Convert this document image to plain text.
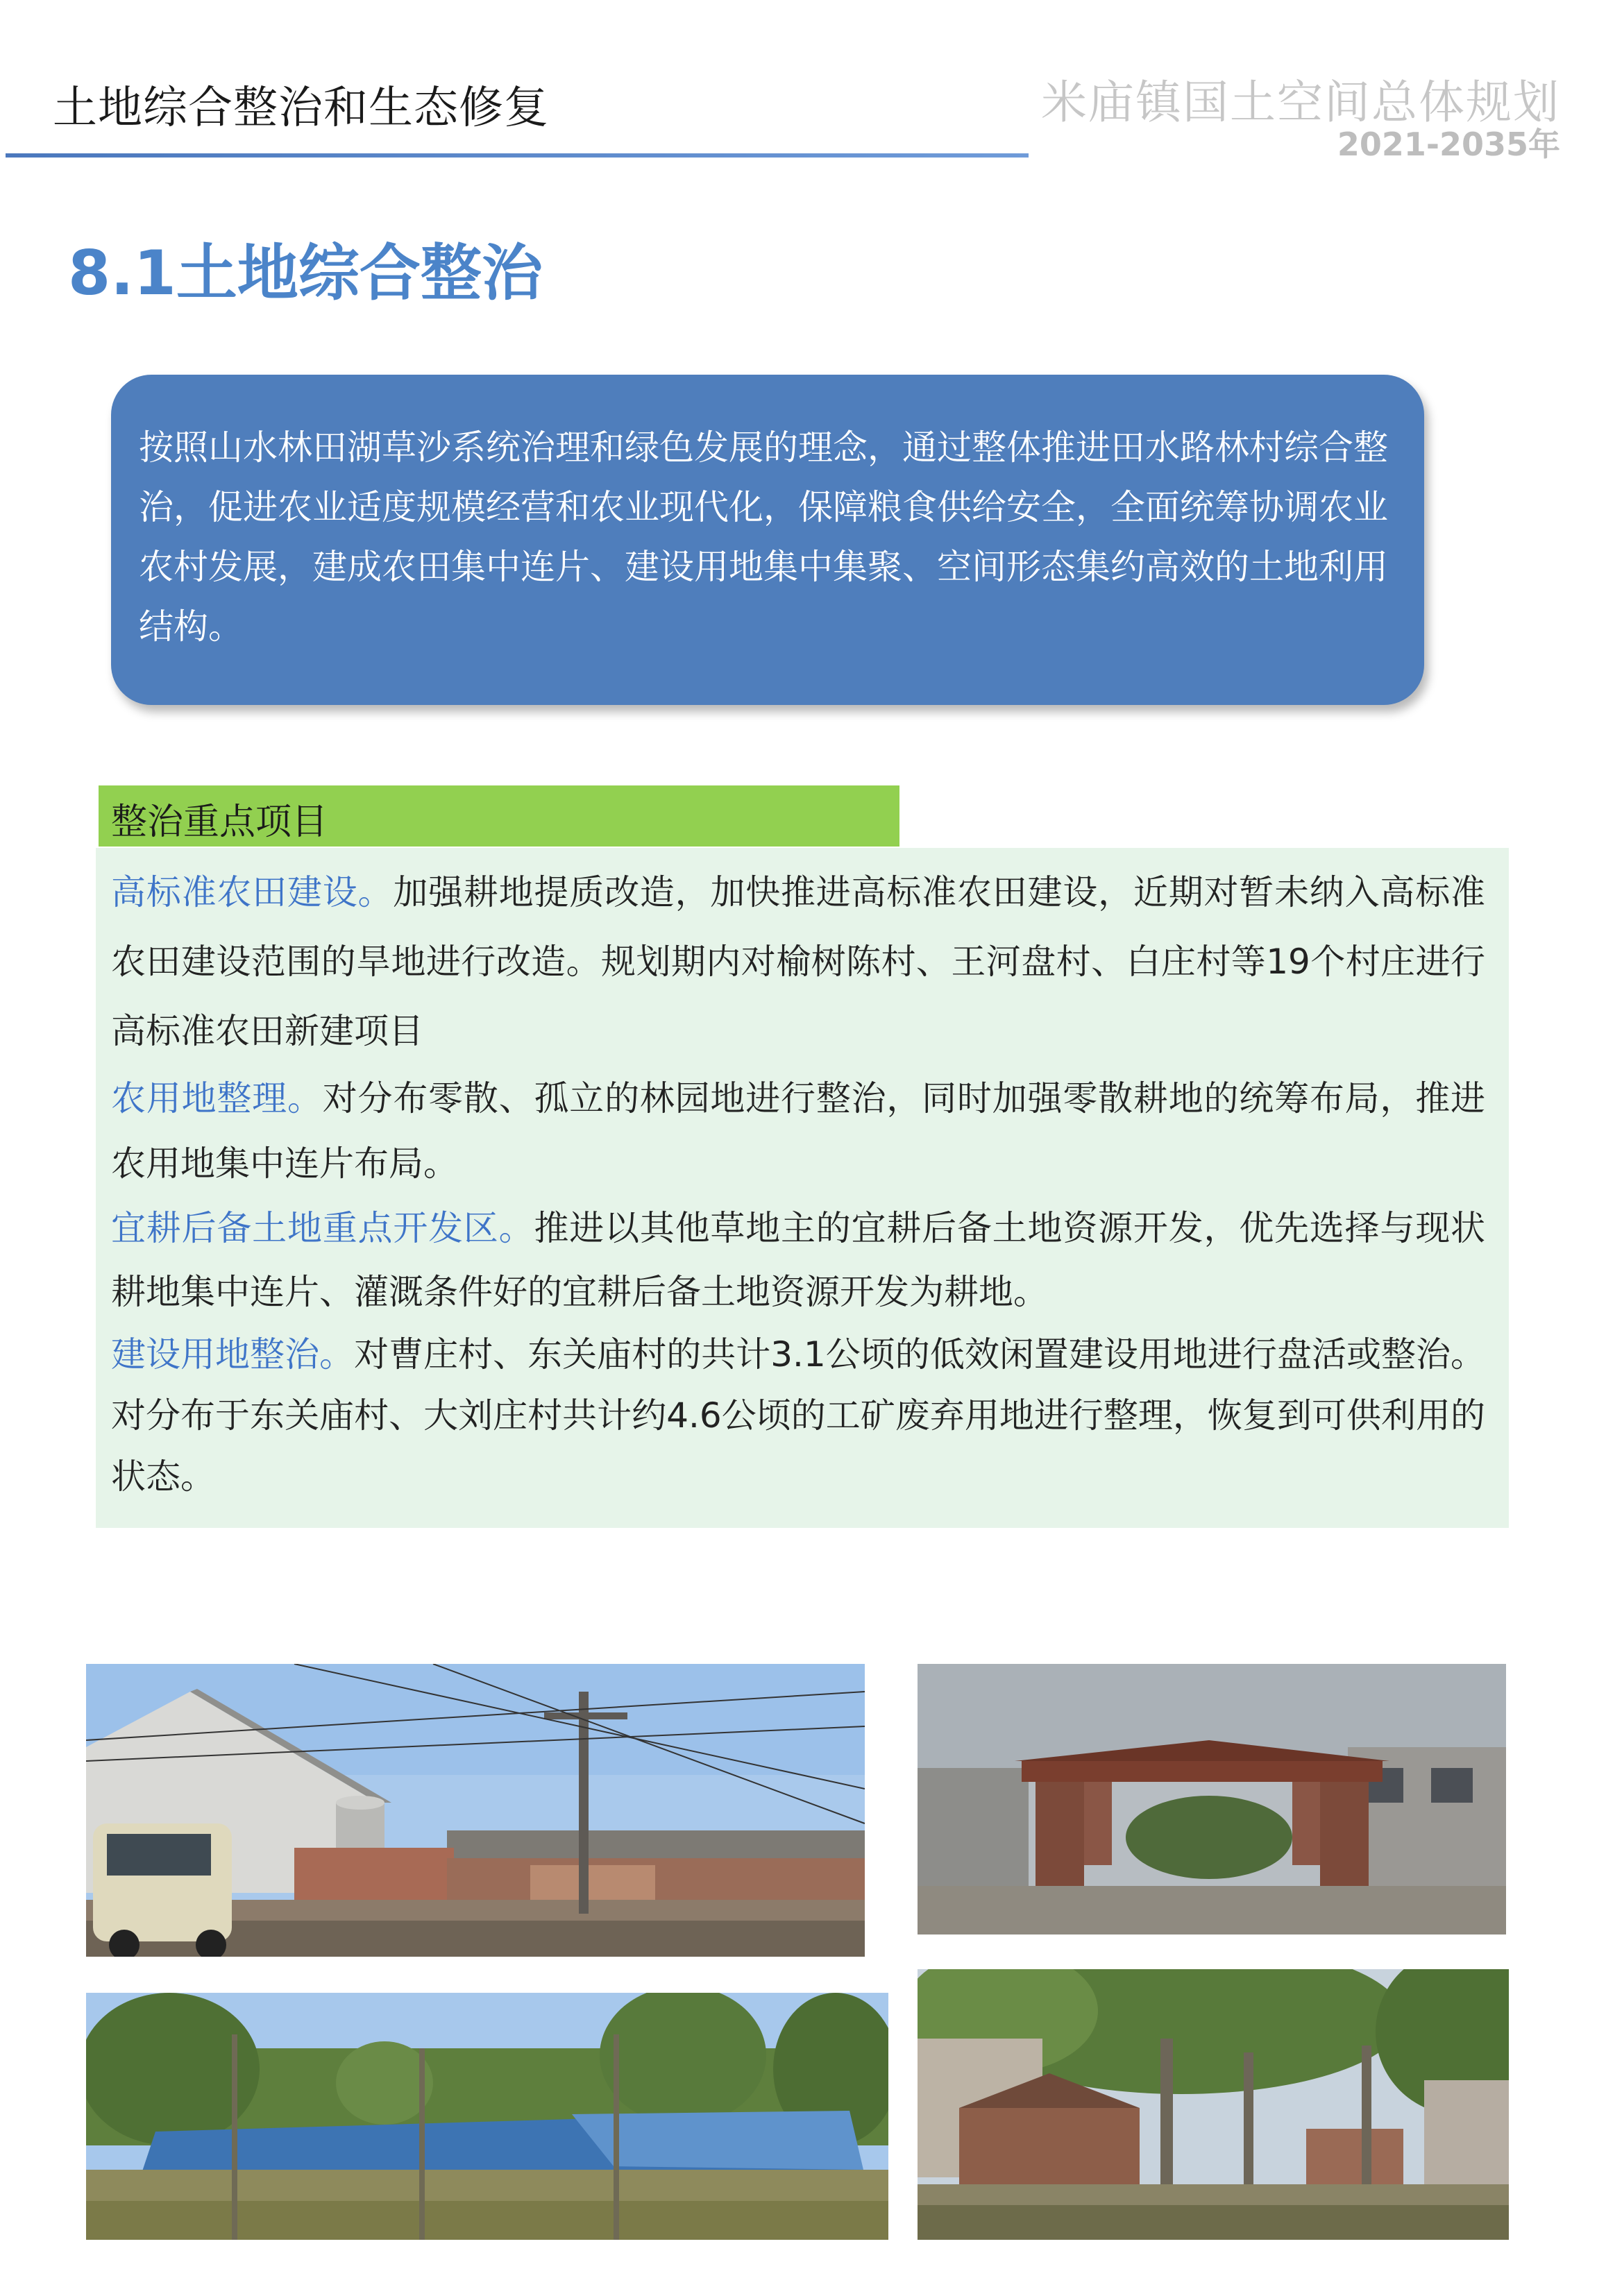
土地综合整治和生态修复	米庙镇国土空间总体规划
2021-2035年
8.1土地综合整治
按照山水林田湖草沙系统治理和绿色发展的理念，通过整体推进田水路林村综合整治，促进农业适度规模经营和农业现代化，保障粮食供给安全，全面统筹协调农业农村发展，建成农田集中连片、建设用地集中集聚、空间形态集约高效的土地利用结构。
整治重点项目

高标准农田建设。加强耕地提质改造，加快推进高标准农田建设，近期对暂未纳入高标准农田建设范围的旱地进行改造。规划期内对榆树陈村、王河盘村、白庄村等19个村庄进行高标准农田新建项目

农用地整理。对分布零散、孤立的林园地进行整治，同时加强零散耕地的统筹布局，推进农用地集中连片布局。

宜耕后备土地重点开发区。推进以其他草地主的宜耕后备土地资源开发，优先选择与现状耕地集中连片、灌溉条件好的宜耕后备土地资源开发为耕地。

建设用地整治。对曹庄村、东关庙村的共计3.1公顷的低效闲置建设用地进行盘活或整治。对分布于东关庙村、大刘庄村共计约4.6公顷的工矿废弃用地进行整理，恢复到可供利用的状态。
